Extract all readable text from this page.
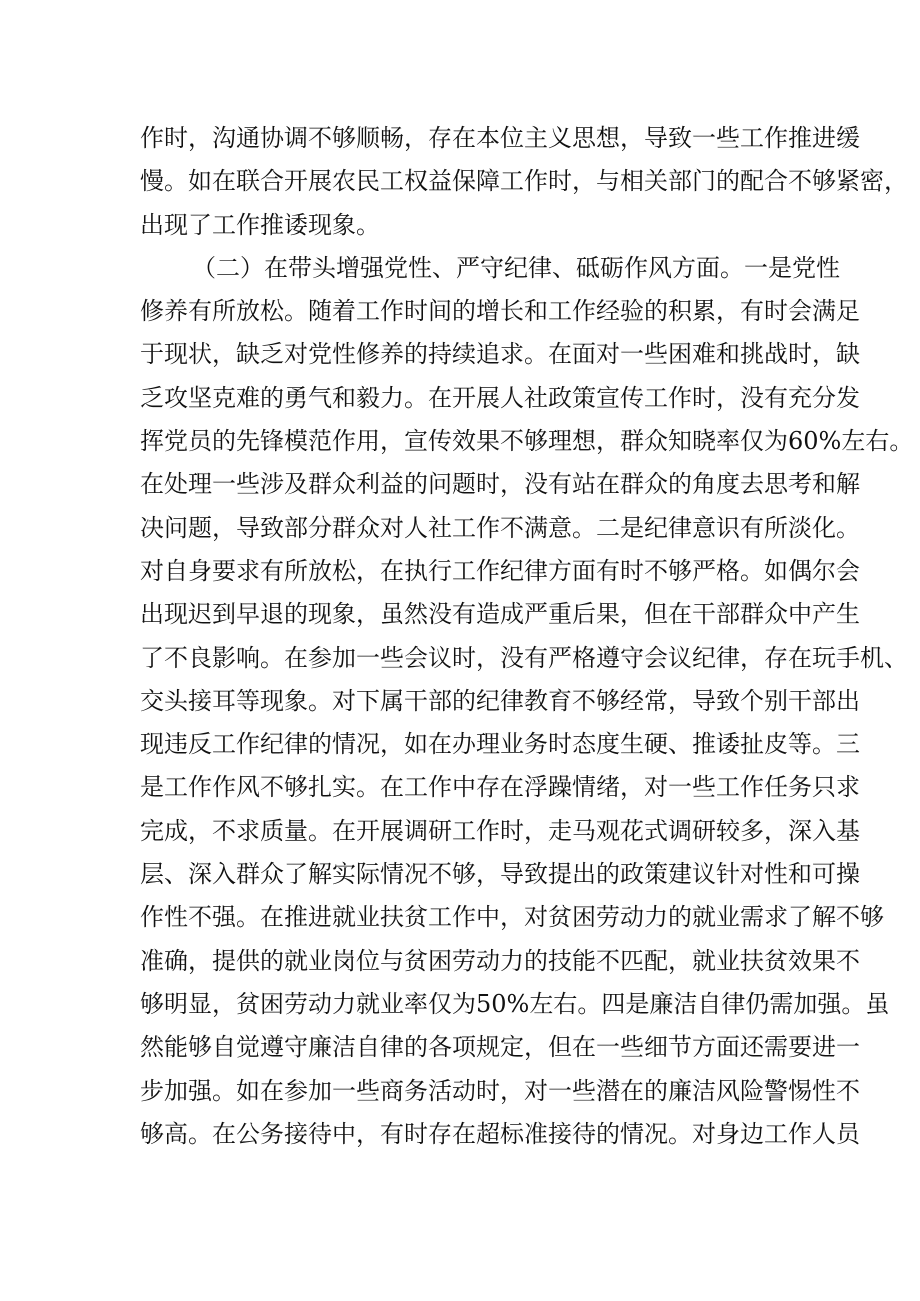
作时，沟通协调不够顺畅，存在本位主义思想，导致一些工作推进缓
慢。如在联合开展农民工权益保障工作时，与相关部门的配合不够紧密，
出现了工作推诿现象。
（二）在带头增强党性、严守纪律、砥砺作风方面。一是党性
修养有所放松。随着工作时间的增长和工作经验的积累，有时会满足
于现状，缺乏对党性修养的持续追求。在面对一些困难和挑战时，缺
乏攻坚克难的勇气和毅力。在开展人社政策宣传工作时，没有充分发
挥党员的先锋模范作用，宣传效果不够理想，群众知晓率仅为60%左右。
在处理一些涉及群众利益的问题时，没有站在群众的角度去思考和解
决问题，导致部分群众对人社工作不满意。二是纪律意识有所淡化。
对自身要求有所放松，在执行工作纪律方面有时不够严格。如偶尔会
出现迟到早退的现象，虽然没有造成严重后果，但在干部群众中产生
了不良影响。在参加一些会议时，没有严格遵守会议纪律，存在玩手机、
交头接耳等现象。对下属干部的纪律教育不够经常，导致个别干部出
现违反工作纪律的情况，如在办理业务时态度生硬、推诿扯皮等。三
是工作作风不够扎实。在工作中存在浮躁情绪，对一些工作任务只求
完成，不求质量。在开展调研工作时，走马观花式调研较多，深入基
层、深入群众了解实际情况不够，导致提出的政策建议针对性和可操
作性不强。在推进就业扶贫工作中，对贫困劳动力的就业需求了解不够
准确，提供的就业岗位与贫困劳动力的技能不匹配，就业扶贫效果不
够明显，贫困劳动力就业率仅为50%左右。四是廉洁自律仍需加强。虽
然能够自觉遵守廉洁自律的各项规定，但在一些细节方面还需要进一
步加强。如在参加一些商务活动时，对一些潜在的廉洁风险警惕性不
够高。在公务接待中，有时存在超标准接待的情况。对身边工作人员
